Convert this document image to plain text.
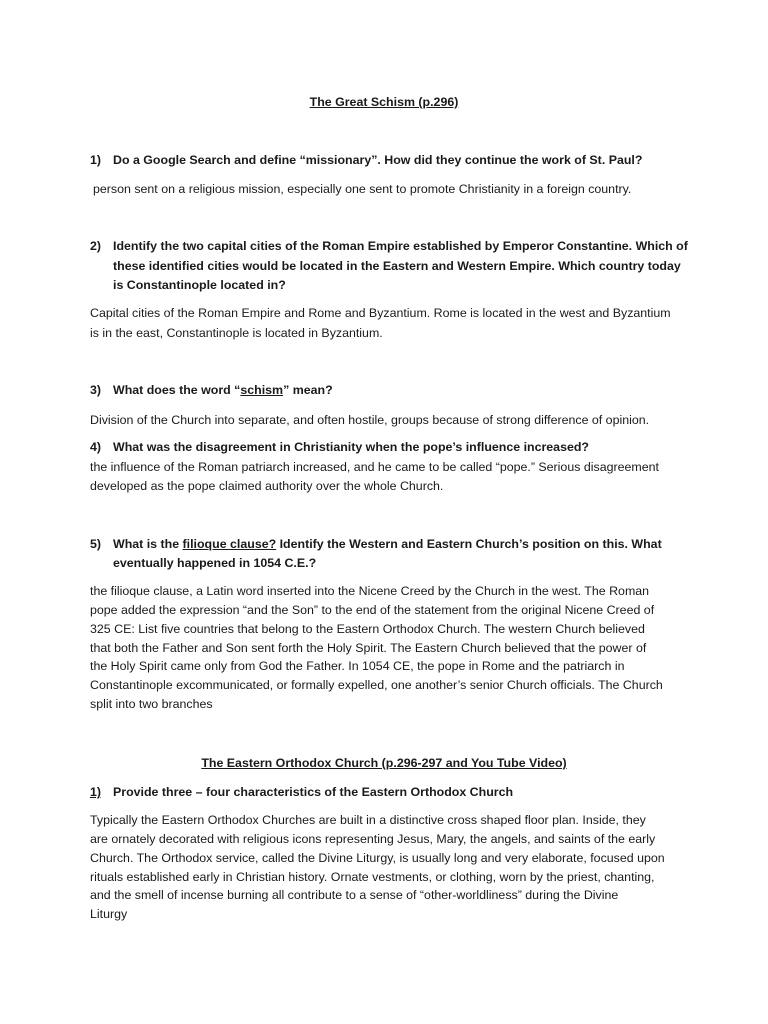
The Great Schism (p.296)
1) Do a Google Search and define “missionary”. How did they continue the work of St. Paul?
person sent on a religious mission, especially one sent to promote Christianity in a foreign country.
2) Identify the two capital cities of the Roman Empire established by Emperor Constantine. Which of
these identified cities would be located in the Eastern and Western Empire. Which country today
is Constantinople located in?
Capital cities of the Roman Empire and Rome and Byzantium. Rome is located in the west and Byzantium
is in the east, Constantinople is located in Byzantium.
3) What does the word “schism” mean?
Division of the Church into separate, and often hostile, groups because of strong difference of opinion.
4) What was the disagreement in Christianity when the pope’s influence increased?
the influence of the Roman patriarch increased, and he came to be called “pope.” Serious disagreement
developed as the pope claimed authority over the whole Church.
5) What is the filioque clause? Identify the Western and Eastern Church’s position on this. What
eventually happened in 1054 C.E.?
the filioque clause, a Latin word inserted into the Nicene Creed by the Church in the west. The Roman
pope added the expression “and the Son” to the end of the statement from the original Nicene Creed of
325 CE: List five countries that belong to the Eastern Orthodox Church. The western Church believed
that both the Father and Son sent forth the Holy Spirit. The Eastern Church believed that the power of
the Holy Spirit came only from God the Father. In 1054 CE, the pope in Rome and the patriarch in
Constantinople excommunicated, or formally expelled, one another’s senior Church officials. The Church
split into two branches
The Eastern Orthodox Church (p.296-297 and You Tube Video)
1) Provide three – four characteristics of the Eastern Orthodox Church
Typically the Eastern Orthodox Churches are built in a distinctive cross shaped floor plan. Inside, they
are ornately decorated with religious icons representing Jesus, Mary, the angels, and saints of the early
Church. The Orthodox service, called the Divine Liturgy, is usually long and very elaborate, focused upon
rituals established early in Christian history. Ornate vestments, or clothing, worn by the priest, chanting,
and the smell of incense burning all contribute to a sense of “other-worldliness” during the Divine
Liturgy
